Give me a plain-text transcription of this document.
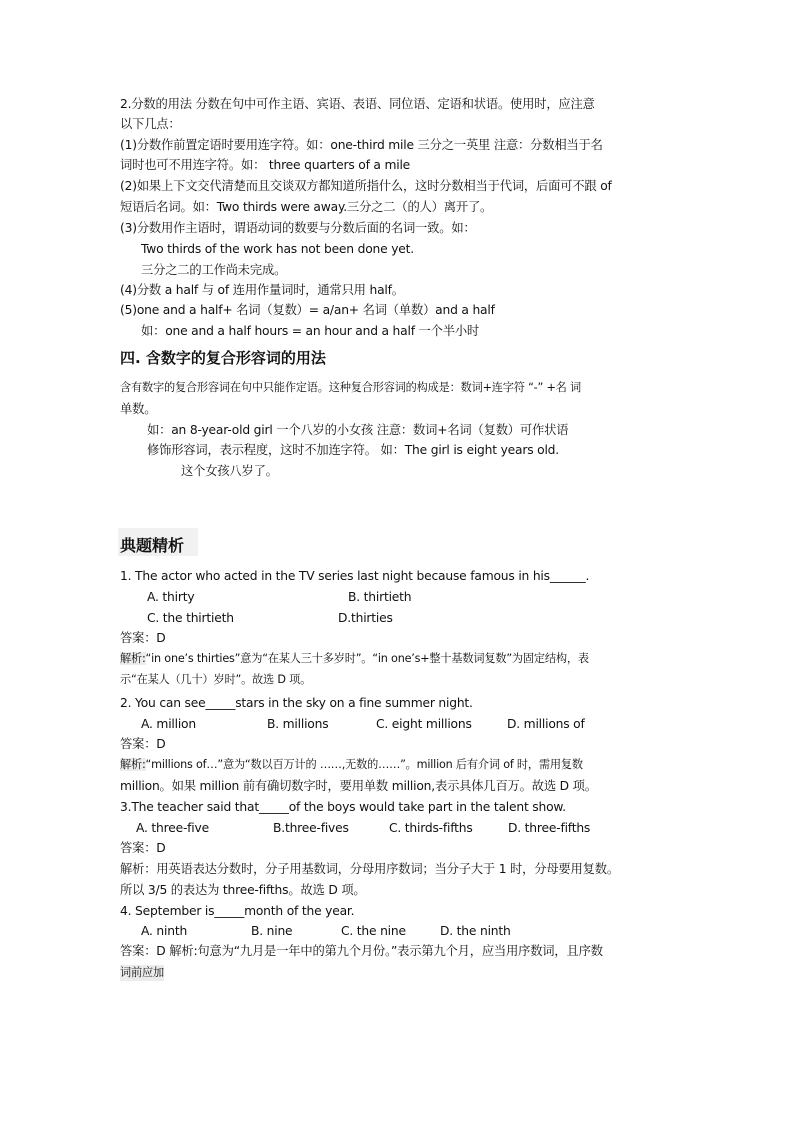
2.分数的用法 分数在句中可作主语、宾语、表语、同位语、定语和状语。使用时，应注意
以下几点：
(1)分数作前置定语时要用连字符。如：one-third mile 三分之一英里 注意：分数相当于名
词时也可不用连字符。如： three quarters of a mile
(2)如果上下文交代清楚而且交谈双方都知道所指什么，这时分数相当于代词，后面可不跟 of
短语后名词。如：Two thirds were away.三分之二（的人）离开了。
(3)分数用作主语时，谓语动词的数要与分数后面的名词一致。如：
Two thirds of the work has not been done yet.
三分之二的工作尚未完成。
(4)分数 a half 与 of 连用作量词时，通常只用 half。
(5)one and a half+ 名词（复数）= a/an+ 名词（单数）and a half
如：one and a half hours = an hour and a half 一个半小时
四. 含数字的复合形容词的用法
含有数字的复合形容词在句中只能作定语。这种复合形容词的构成是：数词+连字符 “-” +名 词
单数。
如：an 8-year-old girl 一个八岁的小女孩 注意：数词+名词（复数）可作状语
修饰形容词，表示程度，这时不加连字符。 如：The girl is eight years old.
这个女孩八岁了。
典题精析
1. The actor who acted in the TV series last night because famous in his______.
A. thirty	B. thirtieth
C. the thirtieth	D.thirties
答案：D
解析:“in one’s thirties”意为“在某人三十多岁时”。“in one’s+整十基数词复数”为固定结构，表
示“在某人（几十）岁时”。故选 D 项。
2. You can see_____stars in the sky on a fine summer night.
A. million	B. millions	C. eight millions	D. millions of
答案：D
解析:“millions of…”意为“数以百万计的 ……,无数的……”。million 后有介词 of 时，需用复数
million。如果 million 前有确切数字时，要用单数 million,表示具体几百万。故选 D 项。
3.The teacher said that_____of the boys would take part in the talent show.
A. three-five	B.three-fives	C. thirds-fifths	D. three-fifths
答案：D
解析：用英语表达分数时，分子用基数词，分母用序数词；当分子大于 1 时，分母要用复数。
所以 3/5 的表达为 three-fifths。故选 D 项。
4. September is_____month of the year.
A. ninth	B. nine	C. the nine	D. the ninth
答案：D 解析:句意为“九月是一年中的第九个月份。”表示第九个月，应当用序数词，且序数
词前应加
